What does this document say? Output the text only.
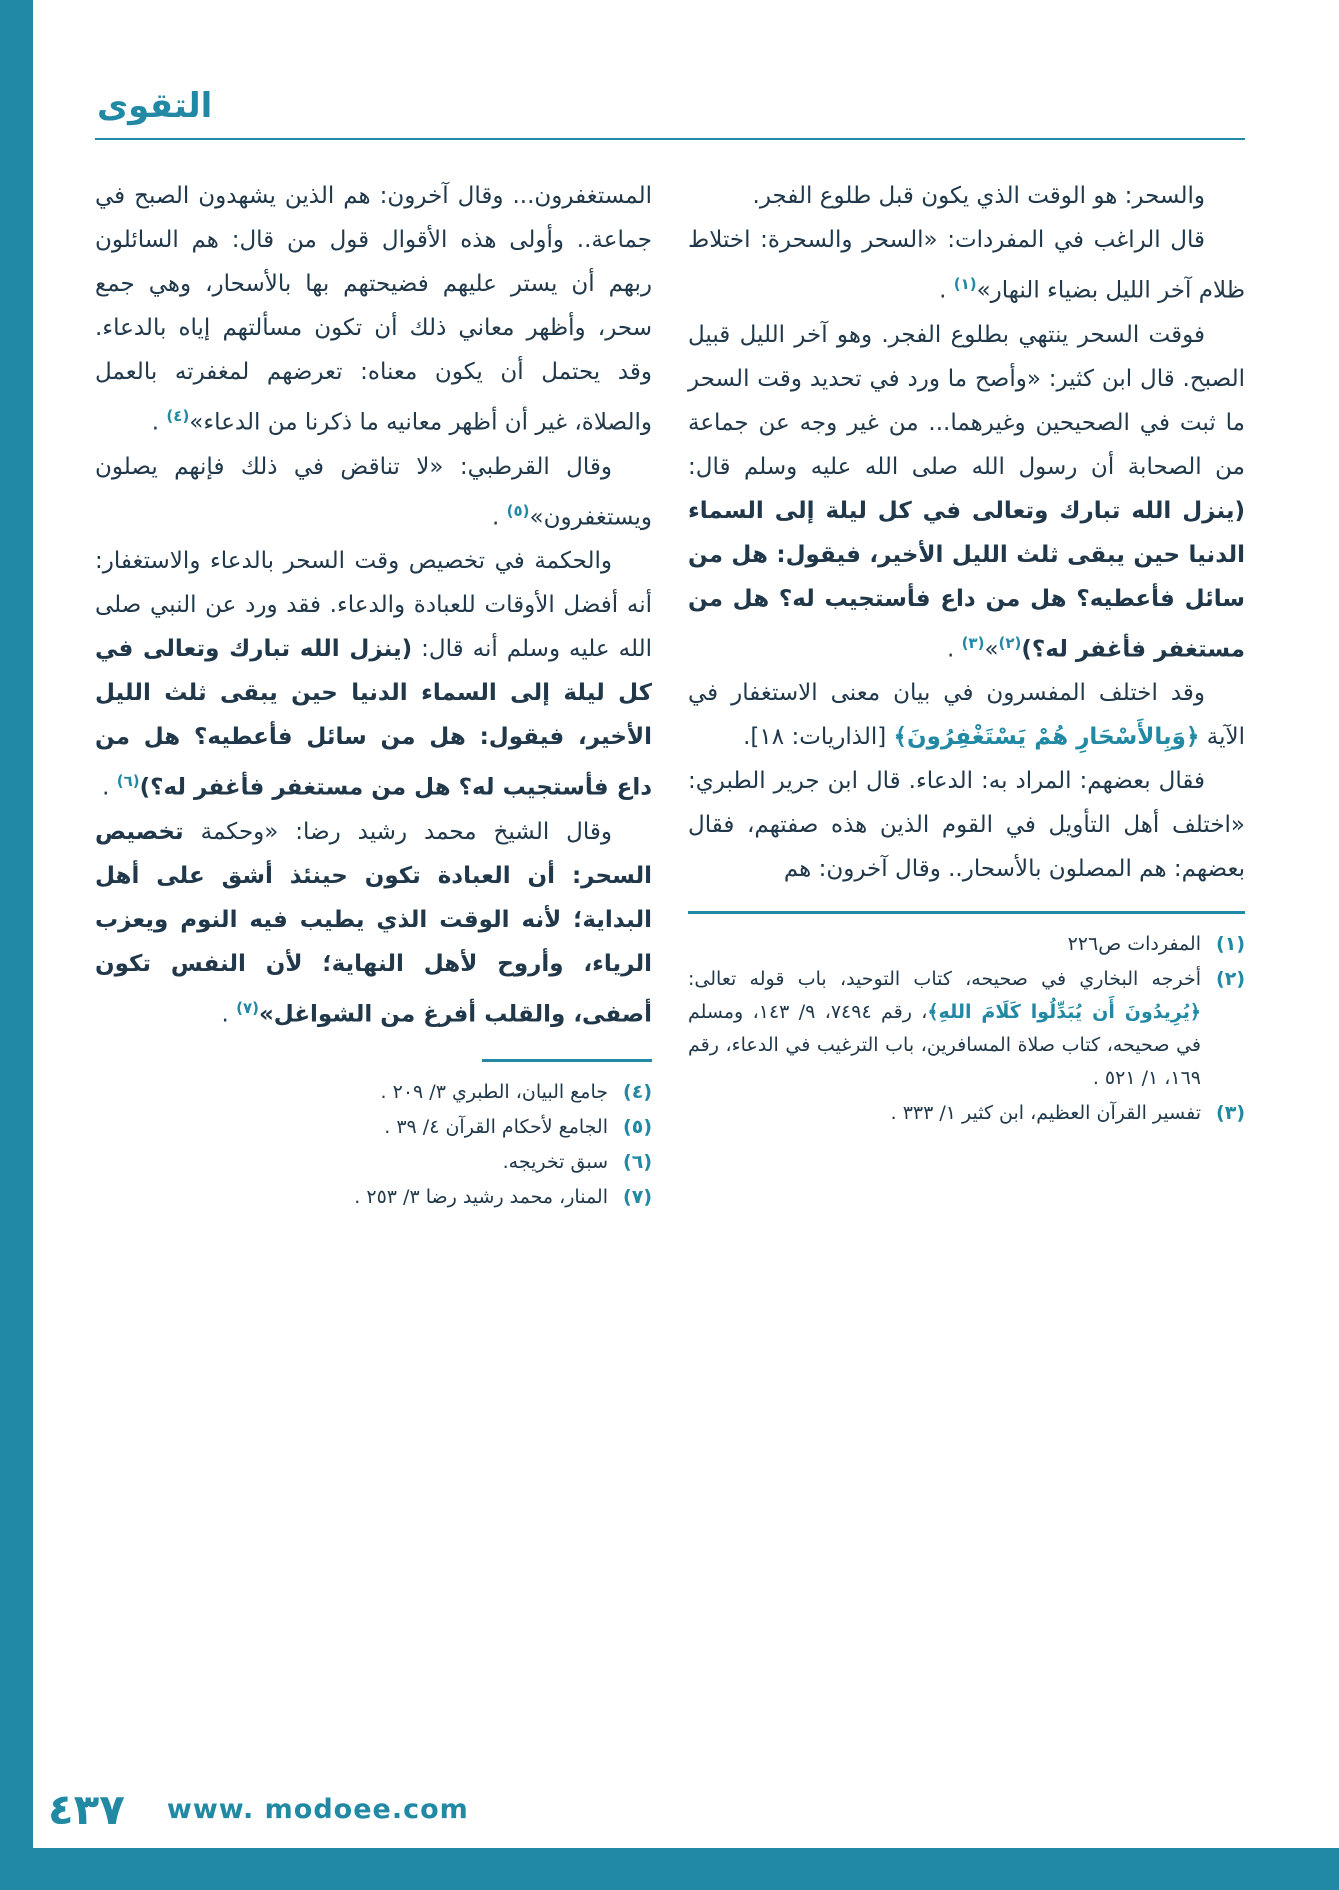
التقوى

والسحر: هو الوقت الذي يكون قبل طلوع الفجر.

قال الراغب في المفردات: «السحر والسحرة: اختلاط ظلام آخر الليل بضياء النهار»$^{(١)}$ .

فوقت السحر ينتهي بطلوع الفجر. وهو آخر الليل قبيل الصبح. قال ابن كثير: «وأصح ما ورد في تحديد وقت السحر ما ثبت في الصحيحين وغيرهما... من غير وجه عن جماعة من الصحابة أن رسول الله صلى الله عليه وسلم قال: (ينزل الله تبارك وتعالى في كل ليلة إلى السماء الدنيا حين يبقى ثلث الليل الأخير، فيقول: هل من سائل فأعطيه؟ هل من داع فأستجيب له؟ هل من مستغفر فأغفر له؟)$^{(٢)}$»$^{(٣)}$ .

وقد اختلف المفسرون في بيان معنى الاستغفار في الآية ﴿وَبِالأَسْحَارِ هُمْ يَسْتَغْفِرُونَ﴾ [الذاريات: ١٨].

فقال بعضهم: المراد به: الدعاء. قال ابن جرير الطبري: «اختلف أهل التأويل في القوم الذين هذه صفتهم، فقال بعضهم: هم المصلون بالأسحار.. وقال آخرون: هم

(١)
المفردات ص٢٢٦
(٢)
أخرجه البخاري في صحيحه، كتاب التوحيد، باب قوله تعالى: ﴿يُرِيدُونَ أَن يُبَدِّلُوا كَلَامَ اللهِ﴾، رقم ٧٤٩٤، ٩/ ١٤٣، ومسلم في صحيحه، كتاب صلاة المسافرين، باب الترغيب في الدعاء، رقم ١٦٩، ١/ ٥٢١ .
(٣)
تفسير القرآن العظيم، ابن كثير ١/ ٣٣٣ .

المستغفرون... وقال آخرون: هم الذين يشهدون الصبح في جماعة.. وأولى هذه الأقوال قول من قال: هم السائلون ربهم أن يستر عليهم فضيحتهم بها بالأسحار، وهي جمع سحر، وأظهر معاني ذلك أن تكون مسألتهم إياه بالدعاء. وقد يحتمل أن يكون معناه: تعرضهم لمغفرته بالعمل والصلاة، غير أن أظهر معانيه ما ذكرنا من الدعاء»$^{(٤)}$ .

وقال القرطبي: «لا تناقض في ذلك فإنهم يصلون ويستغفرون»$^{(٥)}$ .

والحكمة في تخصيص وقت السحر بالدعاء والاستغفار: أنه أفضل الأوقات للعبادة والدعاء. فقد ورد عن النبي صلى الله عليه وسلم أنه قال: (ينزل الله تبارك وتعالى في كل ليلة إلى السماء الدنيا حين يبقى ثلث الليل الأخير، فيقول: هل من سائل فأعطيه؟ هل من داع فأستجيب له؟ هل من مستغفر فأغفر له؟)$^{(٦)}$ .

وقال الشيخ محمد رشيد رضا: «وحكمة تخصيص السحر: أن العبادة تكون حينئذ أشق على أهل البداية؛ لأنه الوقت الذي يطيب فيه النوم ويعزب الرياء، وأروح لأهل النهاية؛ لأن النفس تكون أصفى، والقلب أفرغ من الشواغل»$^{(٧)}$ .

(٤)
جامع البيان، الطبري ٣/ ٢٠٩ .
(٥)
الجامع لأحكام القرآن ٤/ ٣٩ .
(٦)
سبق تخريجه.
(٧)
المنار، محمد رشيد رضا ٣/ ٢٥٣ .
٤٣٧ www. modoee.com
